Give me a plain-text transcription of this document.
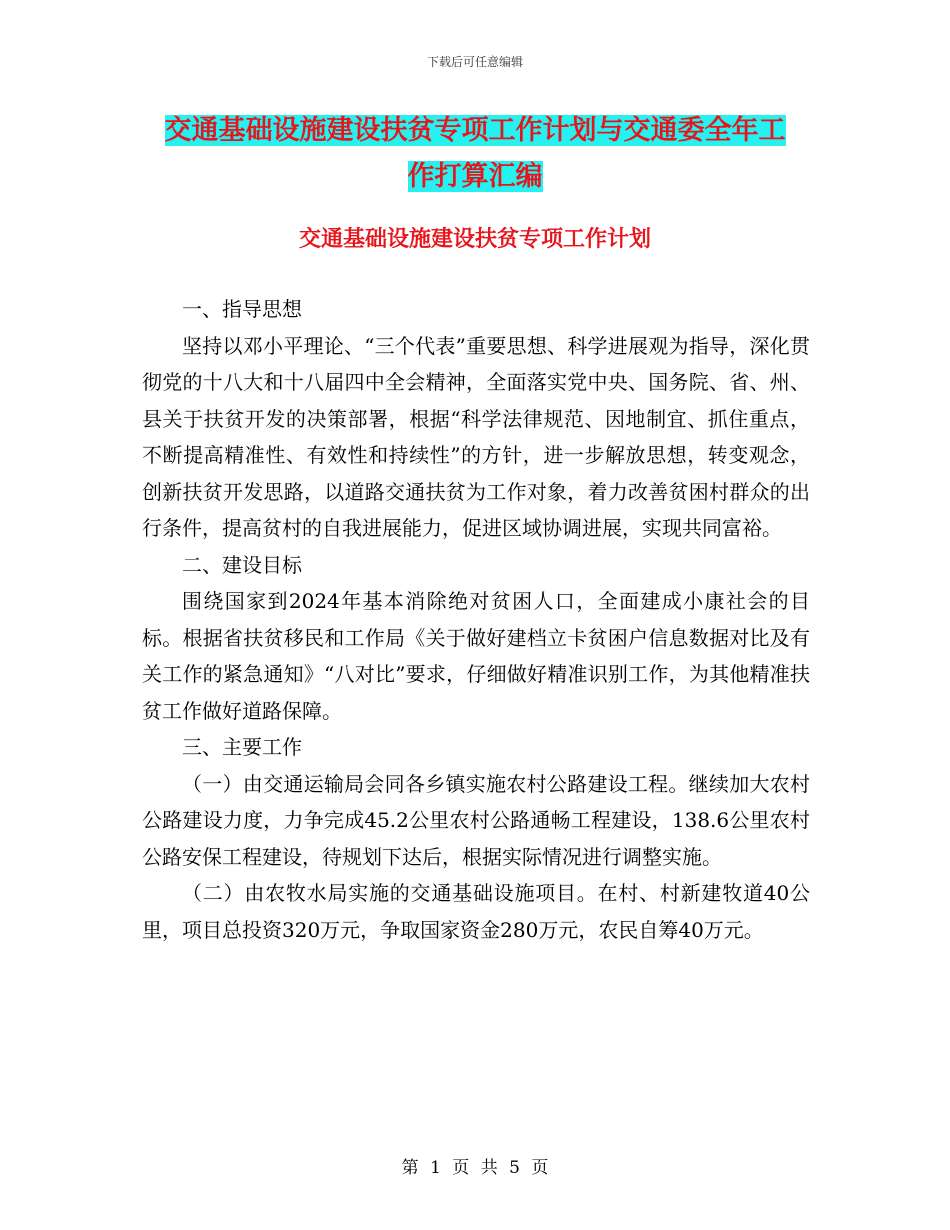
下载后可任意编辑
交通基础设施建设扶贫专项工作计划与交通委全年工
作打算汇编
交通基础设施建设扶贫专项工作计划

一、指导思想

坚持以邓小平理论、“三个代表”重要思想、科学进展观为指导，深化贯彻党的十八大和十八届四中全会精神，全面落实党中央、国务院、省、州、县关于扶贫开发的决策部署，根据“科学法律规范、因地制宜、抓住重点，不断提高精准性、有效性和持续性”的方针，进一步解放思想，转变观念，创新扶贫开发思路，以道路交通扶贫为工作对象，着力改善贫困村群众的出行条件，提高贫村的自我进展能力，促进区域协调进展，实现共同富裕。

二、建设目标

围绕国家到2024年基本消除绝对贫困人口，全面建成小康社会的目标。根据省扶贫移民和工作局《关于做好建档立卡贫困户信息数据对比及有关工作的紧急通知》“八对比”要求，仔细做好精准识别工作，为其他精准扶贫工作做好道路保障。

三、主要工作

（一）由交通运输局会同各乡镇实施农村公路建设工程。继续加大农村公路建设力度，力争完成45.2公里农村公路通畅工程建设，138.6公里农村公路安保工程建设，待规划下达后，根据实际情况进行调整实施。

（二）由农牧水局实施的交通基础设施项目。在村、村新建牧道40公里，项目总投资320万元，争取国家资金280万元，农民自筹40万元。

第 1 页 共 5 页
